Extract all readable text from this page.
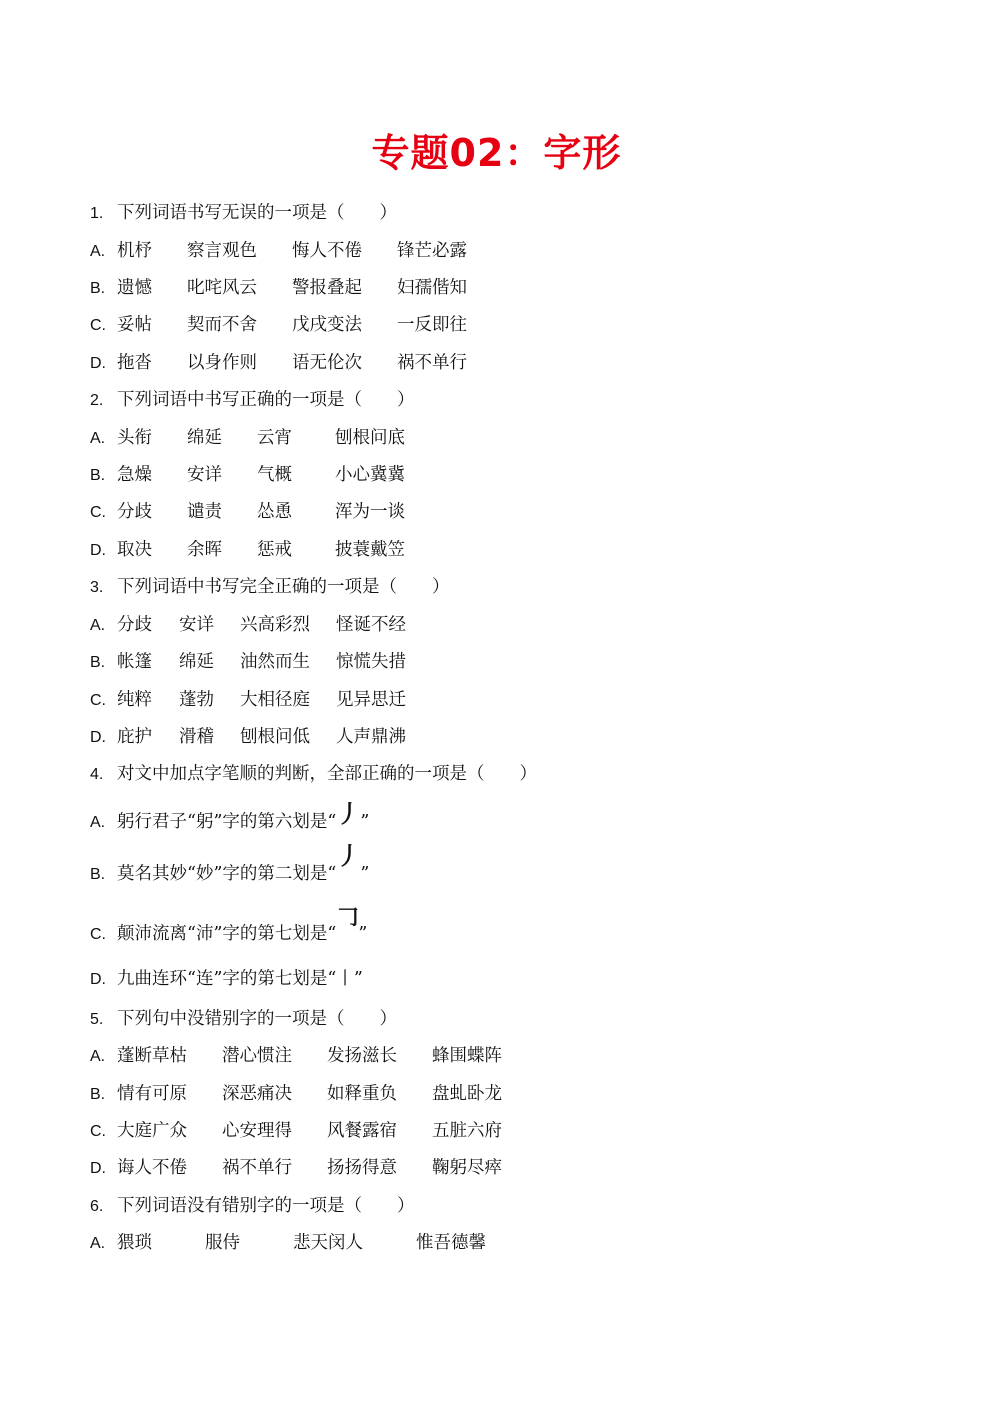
专题02：字形
1. 下列词语书写无误的一项是（　　）
A. 机杼 察言观色 悔人不倦 锋芒必露
B. 遗憾 叱咤风云 警报叠起 妇孺偕知
C. 妥帖 契而不舍 戊戌变法 一反即往
D. 拖沓 以身作则 语无伦次 祸不单行
2. 下列词语中书写正确的一项是（　　）
A. 头衔 绵延 云宵 刨根问底
B. 急燥 安详 气概 小心冀冀
C. 分歧 谴责 怂恿 浑为一谈
D. 取决 余晖 惩戒 披蓑戴笠
3. 下列词语中书写完全正确的一项是（　　）
A. 分歧 安详 兴高彩烈 怪诞不经
B. 帐篷 绵延 油然而生 惊慌失措
C. 纯粹 蓬勃 大相径庭 见异思迁
D. 庇护 滑稽 刨根问低 人声鼎沸
4. 对文中加点字笔顺的判断，全部正确的一项是（　　）
A. 躬行君子“躬”字的第六划是“丿”
B. 莫名其妙“妙”字的第二划是“丿”
C. 颠沛流离“沛”字的第七划是“𠃌”
D. 九曲连环“连”字的第七划是“丨”
5. 下列句中没错别字的一项是（　　）
A. 蓬断草枯 潜心惯注 发扬滋长 蜂围蝶阵
B. 情有可原 深恶痛决 如释重负 盘虬卧龙
C. 大庭广众 心安理得 风餐露宿 五脏六府
D. 诲人不倦 祸不单行 扬扬得意 鞠躬尽瘁
6. 下列词语没有错别字的一项是（　　）
A. 猥琐	服侍	悲天闵人	惟吾德馨
